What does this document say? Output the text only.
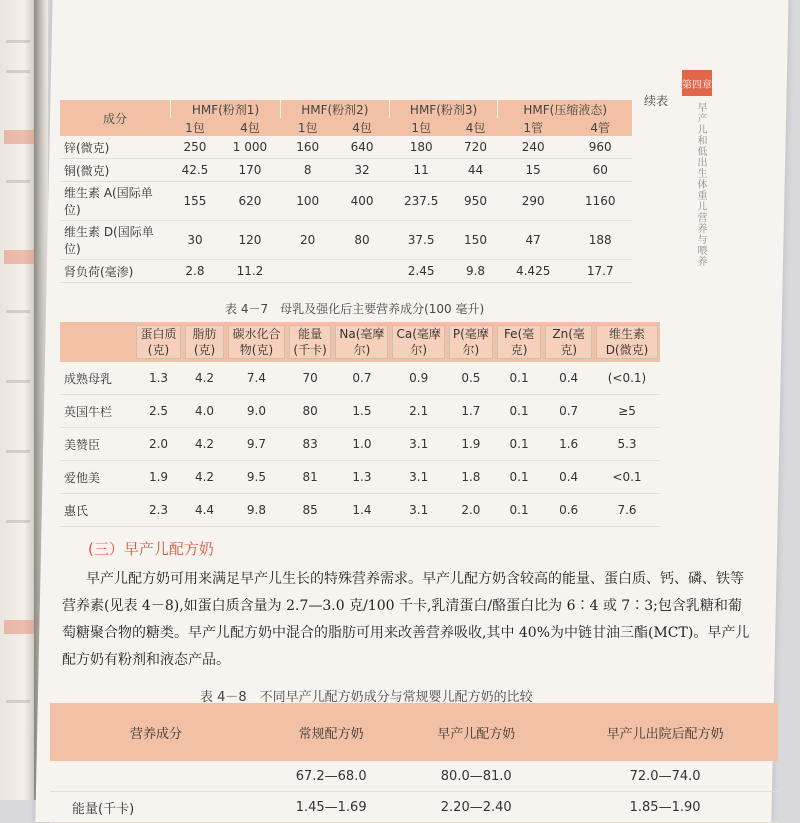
第四章
早产儿和低出生体重儿营养与喂养
续表
成分	HMF(粉剂1)		HMF(粉剂2)		HMF(粉剂3)		HMF(压缩液态)	
	1包	4包	1包	4包	1包	4包	1管	4管
锌(微克)	250	1 000	160	640	180	720	240	960
铜(微克)	42.5	170	8	32	11	44	15	60
维生素 A(国际单位)	155	620	100	400	237.5	950	290	1160
维生素 D(国际单位)	30	120	20	80	37.5	150	47	188
肾负荷(毫渗)	2.8	11.2			2.45	9.8	4.425	17.7
表 4－7　母乳及强化后主要营养成分(100 毫升)
	蛋白质(克)	脂肪(克)	碳水化合物(克)	能量(千卡)	Na(毫摩尔)	Ca(毫摩尔)	P(毫摩尔)	Fe(毫克)	Zn(毫克)	维生素 D(微克)
成熟母乳	1.3	4.2	7.4	70	0.7	0.9	0.5	0.1	0.4	(<0.1)
英国牛栏	2.5	4.0	9.0	80	1.5	2.1	1.7	0.1	0.7	≥5
美赞臣	2.0	4.2	9.7	83	1.0	3.1	1.9	0.1	1.6	5.3
爱他美	1.9	4.2	9.5	81	1.3	3.1	1.8	0.1	0.4	<0.1
惠氏	2.3	4.4	9.8	85	1.4	3.1	2.0	0.1	0.6	7.6
(三）早产儿配方奶
早产儿配方奶可用来满足早产儿生长的特殊营养需求。早产儿配方奶含较高的能量、蛋白质、钙、磷、铁等营养素(见表 4－8),如蛋白质含量为 2.7—3.0 克/100 千卡,乳清蛋白/酪蛋白比为 6∶4 或 7∶3;包含乳糖和葡萄糖聚合物的糖类。早产儿配方奶中混合的脂肪可用来改善营养吸收,其中 40%为中链甘油三酯(MCT)。早产儿配方奶有粉剂和液态产品。
表 4－8　不同早产儿配方奶成分与常规婴儿配方奶的比较
营养成分	常规配方奶	早产儿配方奶	早产儿出院后配方奶
	67.2—68.0	80.0—81.0	72.0—74.0
能量(千卡)	1.45—1.69	2.20—2.40	1.85—1.90
